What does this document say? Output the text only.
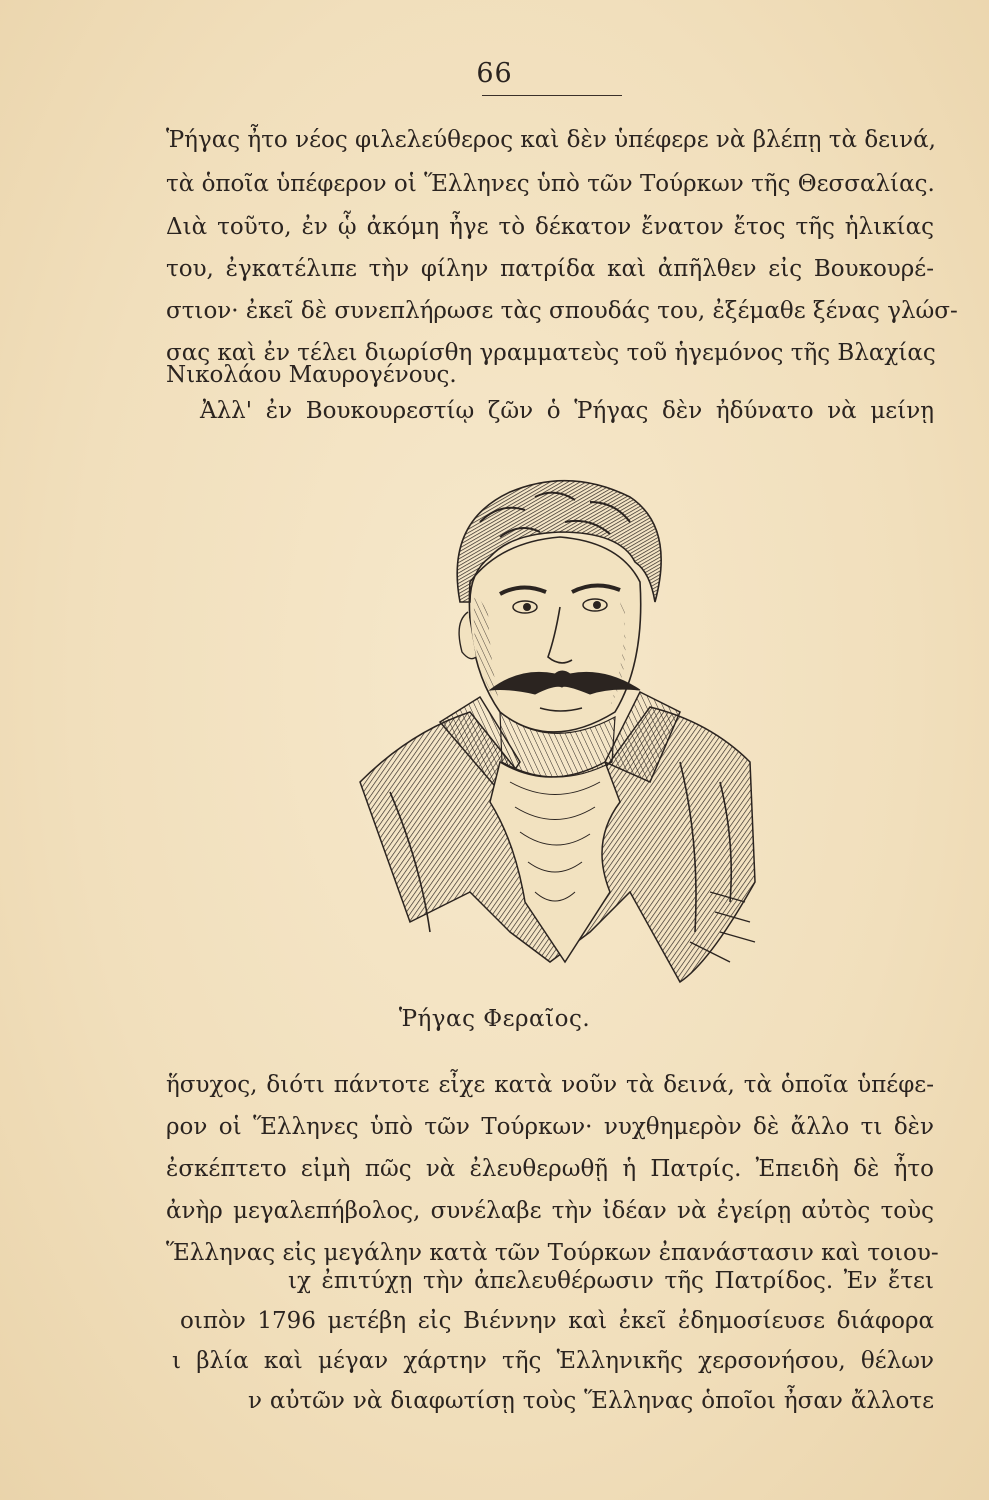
66
Ῥήγας ἦτο νέος φιλελεύθερος καὶ δὲν ὑπέφερε νὰ βλέπῃ τὰ δεινά,
τὰ ὁποῖα ὑπέφερον οἱ Ἕλληνες ὑπὸ τῶν Τούρκων τῆς Θεσσαλίας.
Διὰ τοῦτο, ἐν ᾧ ἀκόμη ἦγε τὸ δέκατον ἔνατον ἔτος τῆς ἡλικίας
του, ἐγκατέλιπε τὴν φίλην πατρίδα καὶ ἀπῆλθεν εἰς Βουκουρέ-
στιον· ἐκεῖ δὲ συνεπλήρωσε τὰς σπουδάς του, ἐξέμαθε ξένας γλώσ-
σας καὶ ἐν τέλει διωρίσθη γραμματεὺς τοῦ ἡγεμόνος τῆς Βλαχίας
Νικολάου Μαυρογένους.
Ἀλλ' ἐν Βουκουρεστίῳ ζῶν ὁ Ῥήγας δὲν ἠδύνατο νὰ μείνῃ
Ῥήγας Φεραῖος.
ἥσυχος, διότι πάντοτε εἶχε κατὰ νοῦν τὰ δεινά, τὰ ὁποῖα ὑπέφε-
ρον οἱ Ἕλληνες ὑπὸ τῶν Τούρκων· νυχθημερὸν δὲ ἄλλο τι δὲν
ἐσκέπτετο εἰμὴ πῶς νὰ ἐλευθερωθῇ ἡ Πατρίς. Ἐπειδὴ δὲ ἦτο
ἀνὴρ μεγαλεπήβολος, συνέλαβε τὴν ἰδέαν νὰ ἐγείρῃ αὐτὸς τοὺς
Ἕλληνας εἰς μεγάλην κατὰ τῶν Τούρκων ἐπανάστασιν καὶ τοιου-
ιχ ἐπιτύχῃ τὴν ἀπελευθέρωσιν τῆς Πατρίδος. Ἐν ἔτει
οιπὸν 1796 μετέβη εἰς Βιέννην καὶ ἐκεῖ ἐδημοσίευσε διάφορα
ι βλία καὶ μέγαν χάρτην τῆς Ἑλληνικῆς χερσονήσου, θέλων
ν αὐτῶν νὰ διαφωτίσῃ τοὺς Ἕλληνας ὁποῖοι ἦσαν ἄλλοτε
